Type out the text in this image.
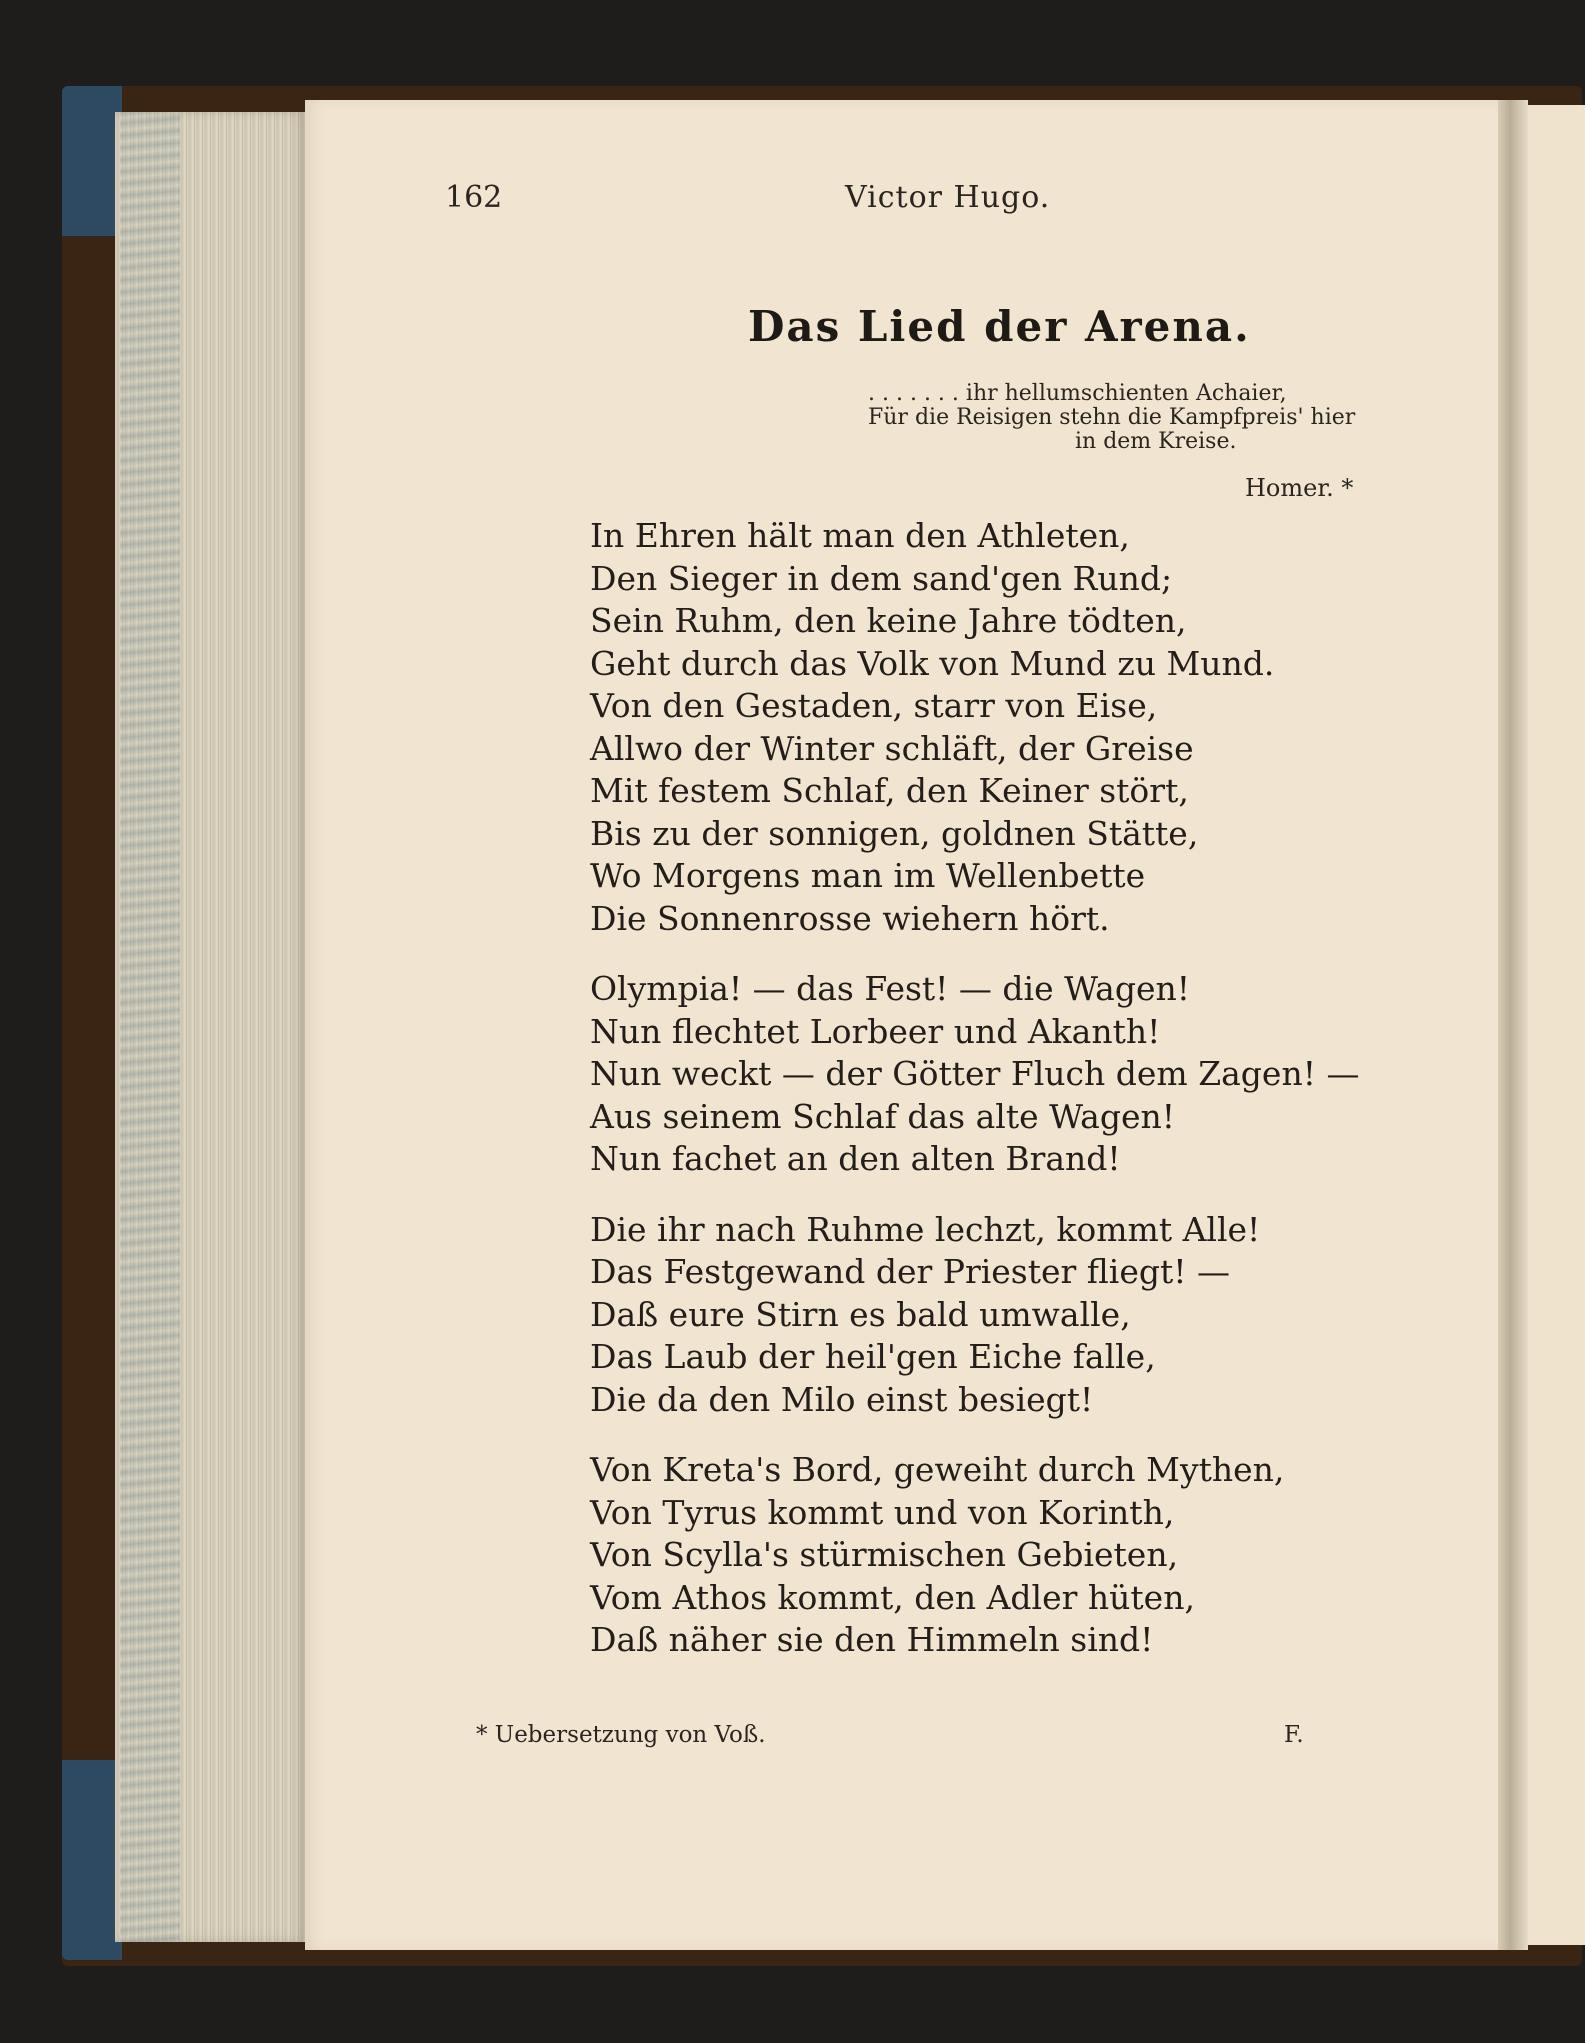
162	Victor Hugo.
Das Lied der Arena.
. . . . . . . ihr hellumschienten Achaier,
Für die Reisigen stehn die Kampfpreis' hier
in dem Kreise.
Homer. *
In Ehren hält man den Athleten,
Den Sieger in dem sand'gen Rund;
Sein Ruhm, den keine Jahre tödten,
Geht durch das Volk von Mund zu Mund.
Von den Gestaden, starr von Eise,
Allwo der Winter schläft, der Greise
Mit festem Schlaf, den Keiner stört,
Bis zu der sonnigen, goldnen Stätte,
Wo Morgens man im Wellenbette
Die Sonnenrosse wiehern hört.
Olympia! — das Fest! — die Wagen!
Nun flechtet Lorbeer und Akanth!
Nun weckt — der Götter Fluch dem Zagen! —
Aus seinem Schlaf das alte Wagen!
Nun fachet an den alten Brand!
Die ihr nach Ruhme lechzt, kommt Alle!
Das Festgewand der Priester fliegt! —
Daß eure Stirn es bald umwalle,
Das Laub der heil'gen Eiche falle,
Die da den Milo einst besiegt!
Von Kreta's Bord, geweiht durch Mythen,
Von Tyrus kommt und von Korinth,
Von Scylla's stürmischen Gebieten,
Vom Athos kommt, den Adler hüten,
Daß näher sie den Himmeln sind!
* Uebersetzung von Voß.	F.
